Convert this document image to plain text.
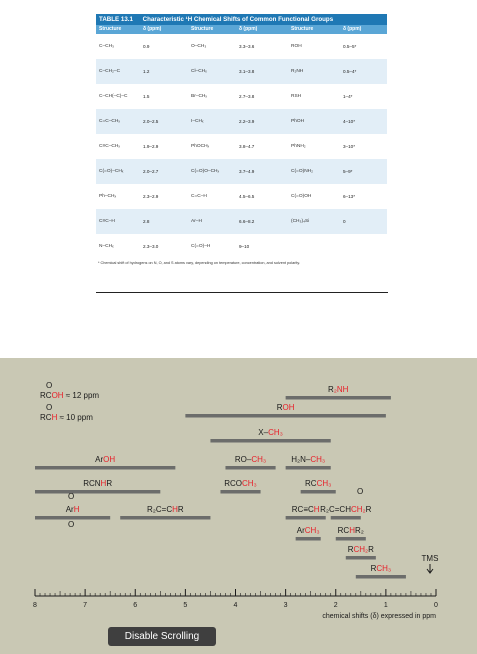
TABLE 13.1 Characteristic ¹H Chemical Shifts of Common Functional Groups
Structure	δ (ppm)	Structure	δ (ppm)	Structure	δ (ppm)
C–CH₃	0.9	O–CH₃	3.3–3.6	ROH	0.5–5*
C–CH₂–C	1.2	Cl–CHₓ	3.1–3.8	R₂NH	0.5–4*
C–CH(–C)–C	1.5	Br–CHₓ	2.7–3.8	RSH	1–4*
C=C–CHₓ	2.0–2.5	I–CHₓ	2.2–3.9	PhOH	4–10*
C≡C–CHₓ	1.9–2.9	PhOCHₓ	3.8–4.7	PhNH₂	3–10*
C(=O)–CHₓ	2.0–2.7	C(=O)O–CHₓ	3.7–4.9	C(=O)NH₂	5–9*
Ph–CHₓ	2.3–2.9	C=C–H	4.5–6.5	C(=O)OH	6–13*
C≡C–H	2.8	Ar–H	6.6–8.2	(CH₃)₄Si	0
N–CHₓ	2.3–3.0	C(=O)–H	9–10
* Chemical shift of hydrogens on N, O, and S atoms vary, depending on temperature, concentration, and solvent polarity.
R₂NH
ROH
X–CH₃
ArOH	RO–CH₃	H₂N–CH₃
RCNHR	RCOCH₃	RCCH₃
ArH	R₂C=CHR	RC≡CH R₂C=CHCH₂R
ArCH₃ RCHR₂
RCH₂R
RCH₃
RCOH ≈ 12 ppm
RCH ≈ 10 ppm
O
O
O
O
O
TMS
8	7	6	5	4	3	2	1	0
chemical shifts (δ) expressed in ppm
Disable Scrolling
